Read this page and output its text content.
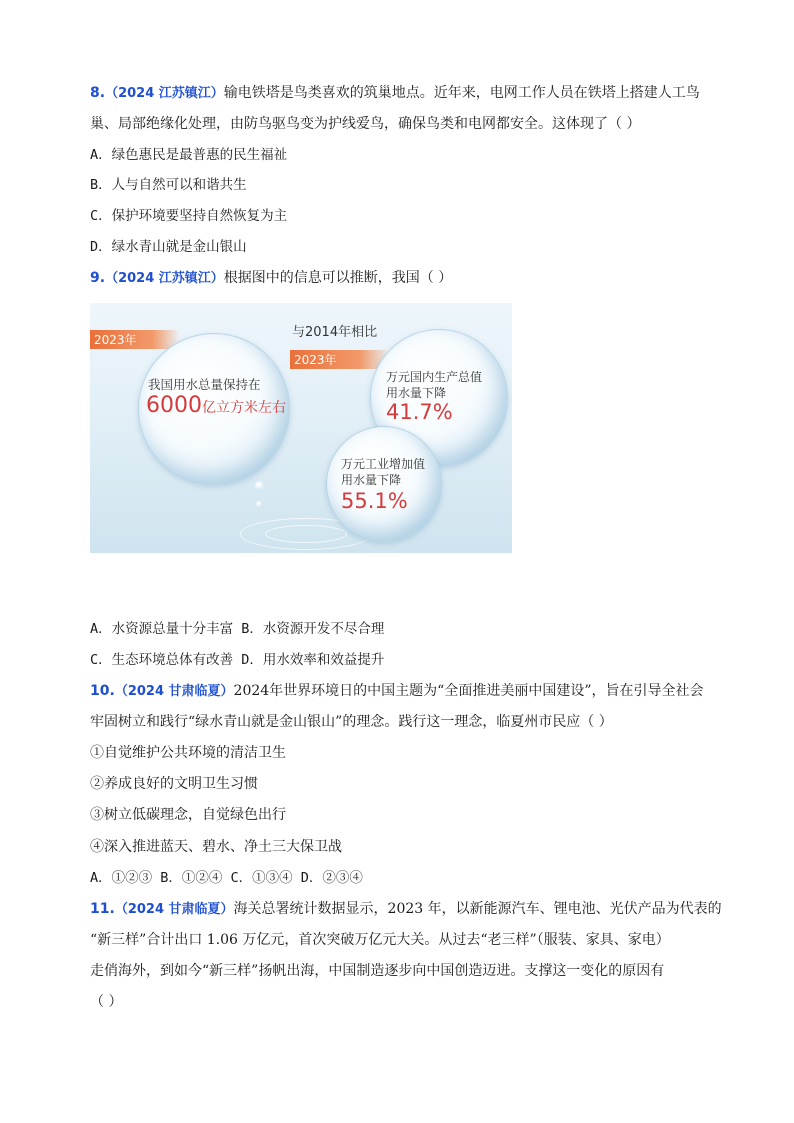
8.（2024 江苏镇江）输电铁塔是鸟类喜欢的筑巢地点。近年来，电网工作人员在铁塔上搭建人工鸟
巢、局部绝缘化处理，由防鸟驱鸟变为护线爱鸟，确保鸟类和电网都安全。这体现了（ ）
A．绿色惠民是最普惠的民生福祉
B．人与自然可以和谐共生
C．保护环境要坚持自然恢复为主
D．绿水青山就是金山银山
9.（2024 江苏镇江）根据图中的信息可以推断，我国（ ）
2023年	与2014年相比
2023年
我国用水总量保持在
6000亿立方米左右
万元国内生产总值
用水量下降
41.7%
万元工业增加值
用水量下降
55.1%
A．水资源总量十分丰富 B．水资源开发不尽合理
C．生态环境总体有改善 D．用水效率和效益提升
10.（2024 甘肃临夏）2024年世界环境日的中国主题为“全面推进美丽中国建设”，旨在引导全社会
牢固树立和践行“绿水青山就是金山银山”的理念。践行这一理念，临夏州市民应（ ）
①自觉维护公共环境的清洁卫生
②养成良好的文明卫生习惯
③树立低碳理念，自觉绿色出行
④深入推进蓝天、碧水、净土三大保卫战
A．①②③ B．①②④ C．①③④ D．②③④
11.（2024 甘肃临夏）海关总署统计数据显示，2023 年，以新能源汽车、锂电池、光伏产品为代表的
“新三样”合计出口 1.06 万亿元，首次突破万亿元大关。从过去“老三样”（服装、家具、家电）
走俏海外，到如今“新三样”扬帆出海，中国制造逐步向中国创造迈进。支撑这一变化的原因有
（ ）
